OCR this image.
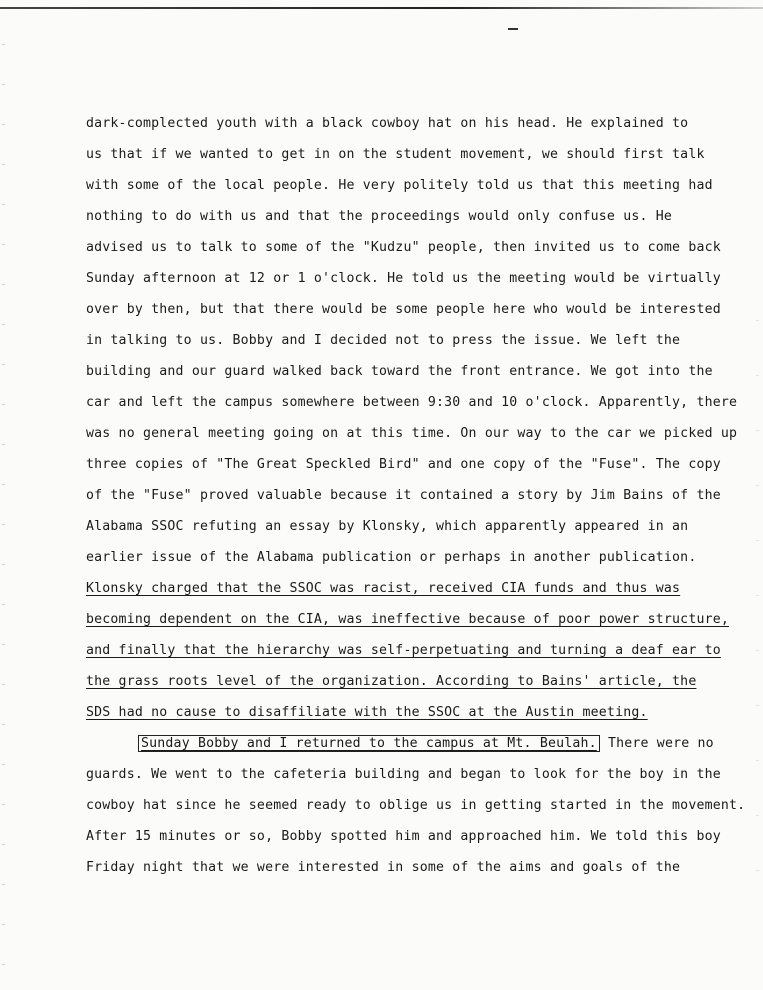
dark-complected youth with a black cowboy hat on his head. He explained to
us that if we wanted to get in on the student movement, we should first talk
with some of the local people. He very politely told us that this meeting had
nothing to do with us and that the proceedings would only confuse us. He
advised us to talk to some of the "Kudzu" people, then invited us to come back
Sunday afternoon at 12 or 1 o'clock. He told us the meeting would be virtually
over by then, but that there would be some people here who would be interested
in talking to us. Bobby and I decided not to press the issue. We left the
building and our guard walked back toward the front entrance. We got into the
car and left the campus somewhere between 9:30 and 10 o'clock. Apparently, there
was no general meeting going on at this time. On our way to the car we picked up
three copies of "The Great Speckled Bird" and one copy of the "Fuse". The copy
of the "Fuse" proved valuable because it contained a story by Jim Bains of the
Alabama SSOC refuting an essay by Klonsky, which apparently appeared in an
earlier issue of the Alabama publication or perhaps in another publication.
Klonsky charged that the SSOC was racist, received CIA funds and thus was
becoming dependent on the CIA, was ineffective because of poor power structure,
and finally that the hierarchy was self-perpetuating and turning a deaf ear to
the grass roots level of the organization. According to Bains' article, the
SDS had no cause to disaffiliate with the SSOC at the Austin meeting.
Sunday Bobby and I returned to the campus at Mt. Beulah. There were no
guards. We went to the cafeteria building and began to look for the boy in the
cowboy hat since he seemed ready to oblige us in getting started in the movement.
After 15 minutes or so, Bobby spotted him and approached him. We told this boy
Friday night that we were interested in some of the aims and goals of the
